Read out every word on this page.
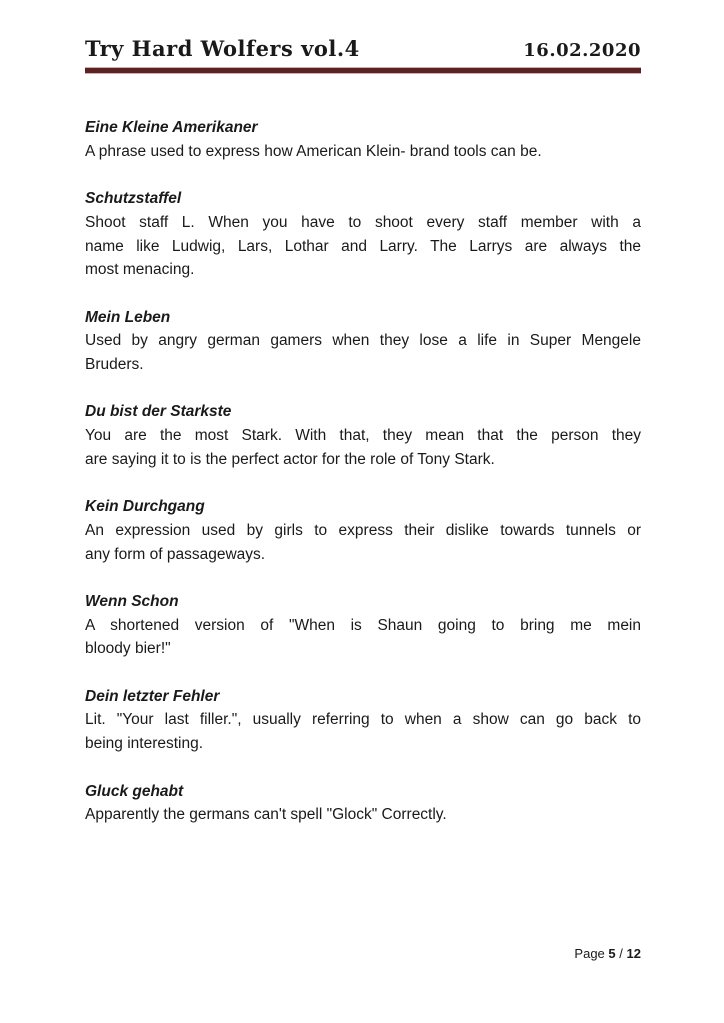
Try Hard Wolfers vol.4	16.02.2020
Eine Kleine Amerikaner
A phrase used to express how American Klein- brand tools can be.
Schutzstaffel
Shoot staff L. When you have to shoot every staff member with a
name like Ludwig, Lars, Lothar and Larry. The Larrys are always the
most menacing.
Mein Leben
Used by angry german gamers when they lose a life in Super Mengele
Bruders.
Du bist der Starkste
You are the most Stark. With that, they mean that the person they
are saying it to is the perfect actor for the role of Tony Stark.
Kein Durchgang
An expression used by girls to express their dislike towards tunnels or
any form of passageways.
Wenn Schon
A shortened version of "When is Shaun going to bring me mein
bloody bier!"
Dein letzter Fehler
Lit. "Your last filler.", usually referring to when a show can go back to
being interesting.
Gluck gehabt
Apparently the germans can't spell "Glock" Correctly.
Page 5 / 12
